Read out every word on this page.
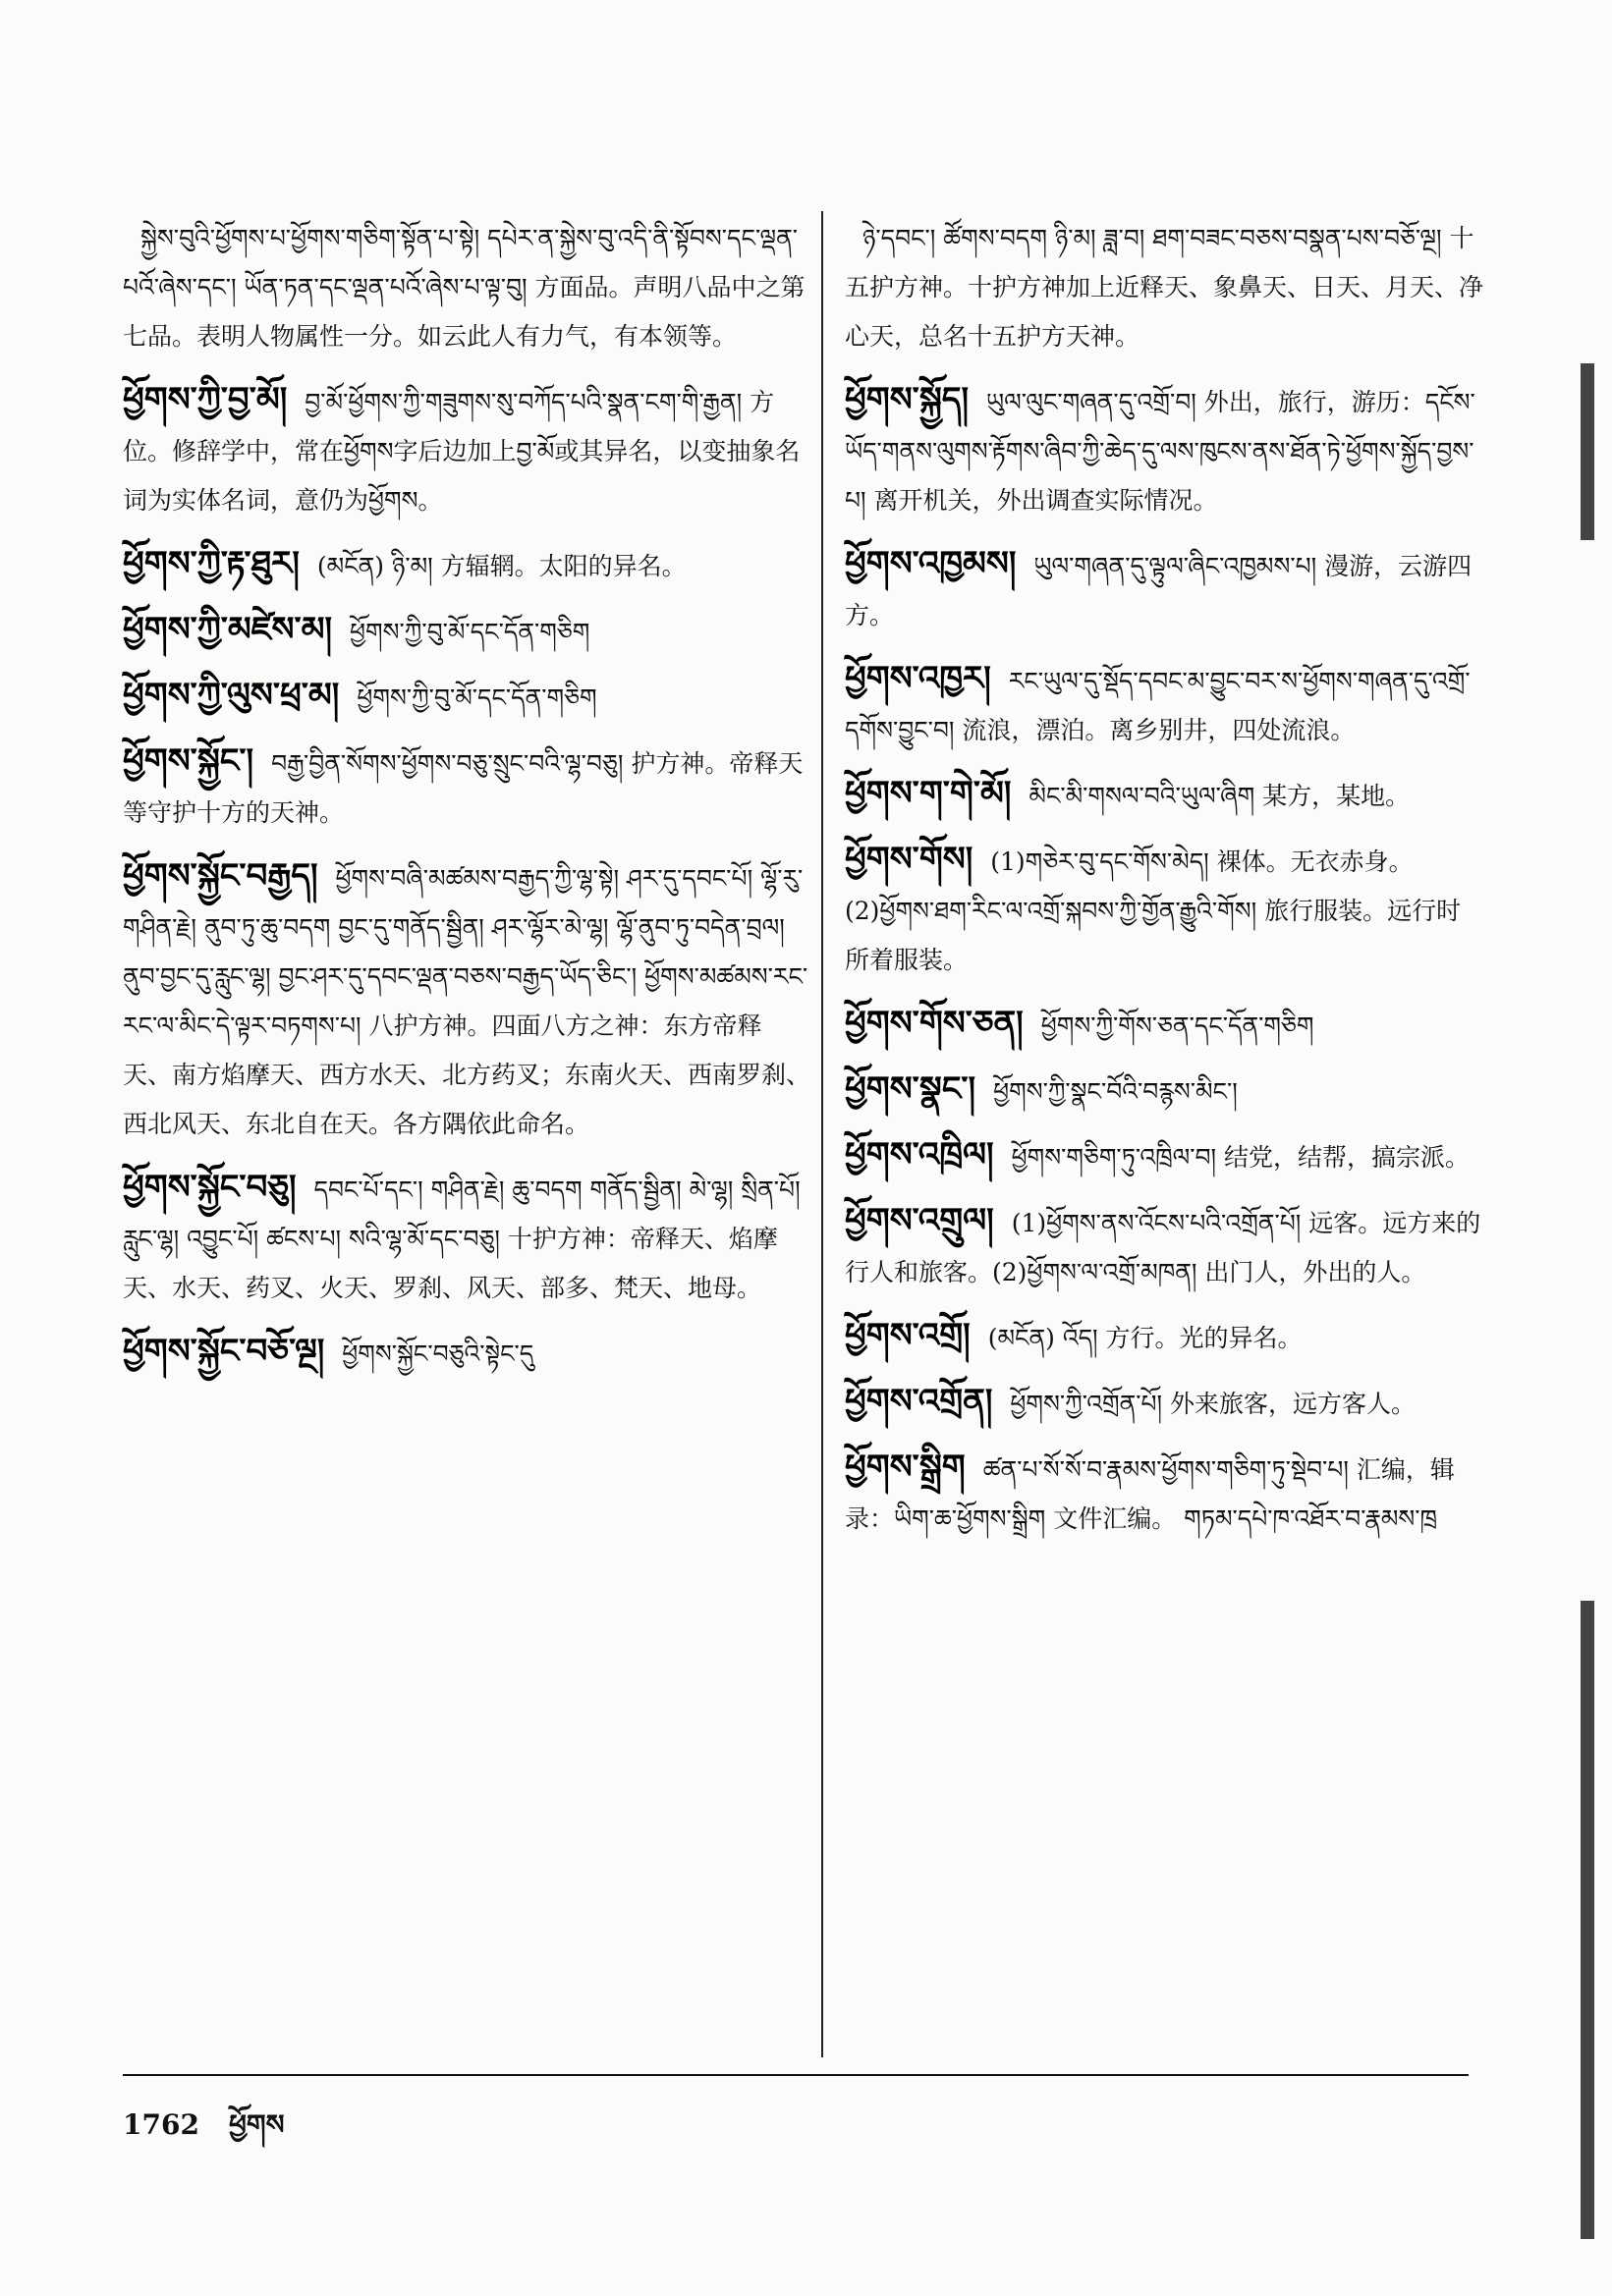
སྐྱེས་བུའི་ཕྱོགས་པ་ཕྱོགས་གཅིག་སྟོན་པ་སྟེ། དཔེར་ན་སྐྱེས་བུ་འདི་ནི་སྟོབས་དང་ལྡན་པའོ་ཞེས་དང་། ཡོན་ཏན་དང་ལྡན་པའོ་ཞེས་པ་ལྟ་བུ། 方面品。声明八品中之第七品。表明人物属性一分。如云此人有力气，有本领等。
ཕྱོགས་ཀྱི་བྱ་མོ། བྱ་མོ་ཕྱོགས་ཀྱི་གཟུགས་སུ་བཀོད་པའི་སྣན་ངག་གི་རྒྱན། 方位。修辞学中，常在ཕྱོགས字后边加上བྱ་མོ或其异名，以变抽象名词为实体名词，意仍为ཕྱོགས。
ཕྱོགས་ཀྱི་རྟ་ཐུར། (མངོན) ཉི་མ། 方辐辋。太阳的异名。
ཕྱོགས་ཀྱི་མཛེས་མ། ཕྱོགས་ཀྱི་བུ་མོ་དང་དོན་གཅིག
ཕྱོགས་ཀྱི་ལུས་ཕྲ་མ། ཕྱོགས་ཀྱི་བུ་མོ་དང་དོན་གཅིག
ཕྱོགས་སྐྱོང་། བརྒྱ་བྱིན་སོགས་ཕྱོགས་བཅུ་སྲུང་བའི་ལྷ་བཅུ། 护方神。帝释天等守护十方的天神。
ཕྱོགས་སྐྱོང་བརྒྱད། ཕྱོགས་བཞི་མཚམས་བརྒྱད་ཀྱི་ལྷ་སྟེ། ཤར་དུ་དབང་པོ། ལྷོ་རུ་གཤིན་རྗེ། ནུབ་ཏུ་ཆུ་བདག བྱང་དུ་གནོད་སྦྱིན། ཤར་ལྷོར་མེ་ལྷ། ལྷོ་ནུབ་ཏུ་བདེན་བྲལ། ནུབ་བྱང་དུ་རླུང་ལྷ། བྱང་ཤར་དུ་དབང་ལྡན་བཅས་བརྒྱད་ཡོད་ཅིང་། ཕྱོགས་མཚམས་རང་རང་ལ་མིང་དེ་ལྟར་བཏགས་པ། 八护方神。四面八方之神：东方帝释天、南方焰摩天、西方水天、北方药叉；东南火天、西南罗刹、西北风天、东北自在天。各方隅依此命名。
ཕྱོགས་སྐྱོང་བཅུ། དབང་པོ་དང་། གཤིན་རྗེ། ཆུ་བདག གནོད་སྦྱིན། མེ་ལྷ། སྲིན་པོ། རླུང་ལྷ། འབྱུང་པོ། ཚངས་པ། སའི་ལྷ་མོ་དང་བཅུ། 十护方神：帝释天、焰摩天、水天、药叉、火天、罗刹、风天、部多、梵天、地母。
ཕྱོགས་སྐྱོང་བཅོ་ལྔ། ཕྱོགས་སྐྱོང་བཅུའི་སྟེང་དུ
ཉེ་དབང་། ཚོགས་བདག ཉི་མ། ཟླ་བ། ཐག་བཟང་བཅས་བསྣན་པས་བཅོ་ལྔ། 十五护方神。十护方神加上近释天、象鼻天、日天、月天、净心天，总名十五护方天神。
ཕྱོགས་སྐྱོད། ཡུལ་ལུང་གཞན་དུ་འགྲོ་བ། 外出，旅行，游历：དངོས་ཡོད་གནས་ལུགས་རྟོགས་ཞིབ་ཀྱི་ཆེད་དུ་ལས་ཁུངས་ནས་ཐོན་ཏེ་ཕྱོགས་སྐྱོད་བྱས་པ། 离开机关，外出调查实际情况。
ཕྱོགས་འཁྱམས། ཡུལ་གཞན་དུ་ལྟུལ་ཞིང་འཁྱམས་པ། 漫游，云游四方。
ཕྱོགས་འཁྱར། རང་ཡུལ་དུ་སྡོད་དབང་མ་བྱུང་བར་ས་ཕྱོགས་གཞན་དུ་འགྲོ་དགོས་བྱུང་བ། 流浪，漂泊。离乡别井，四处流浪。
ཕྱོགས་ག་གེ་མོ། མིང་མི་གསལ་བའི་ཡུལ་ཞིག 某方，某地。
ཕྱོགས་གོས། (1)གཅེར་བུ་དང་གོས་མེད། 裸体。无衣赤身。(2)ཕྱོགས་ཐག་རིང་ལ་འགྲོ་སྐབས་ཀྱི་གྱོན་རྒྱུའི་གོས། 旅行服装。远行时所着服装。
ཕྱོགས་གོས་ཅན། ཕྱོགས་ཀྱི་གོས་ཅན་དང་དོན་གཅིག
ཕྱོགས་སྣང་། ཕྱོགས་ཀྱི་སྣང་བོའི་བརྙས་མིང་།
ཕྱོགས་འཁྲིལ། ཕྱོགས་གཅིག་ཏུ་འཁྲིལ་བ། 结党，结帮，搞宗派。
ཕྱོགས་འགྲུལ། (1)ཕྱོགས་ནས་འོངས་པའི་འགྲོན་པོ། 远客。远方来的行人和旅客。(2)ཕྱོགས་ལ་འགྲོ་མཁན། 出门人，外出的人。
ཕྱོགས་འགྲོ། (མངོན) འོད། 方行。光的异名。
ཕྱོགས་འགྲོན། ཕྱོགས་ཀྱི་འགྲོན་པོ། 外来旅客，远方客人。
ཕྱོགས་སྒྲིག ཚན་པ་སོ་སོ་བ་རྣམས་ཕྱོགས་གཅིག་ཏུ་སྡེབ་པ། 汇编，辑录：ཡིག་ཆ་ཕྱོགས་སྒྲིག 文件汇编。 གཏམ་དཔེ་ཁ་འཐོར་བ་རྣམས་ཁྲ
1762 ཕྱོགས
